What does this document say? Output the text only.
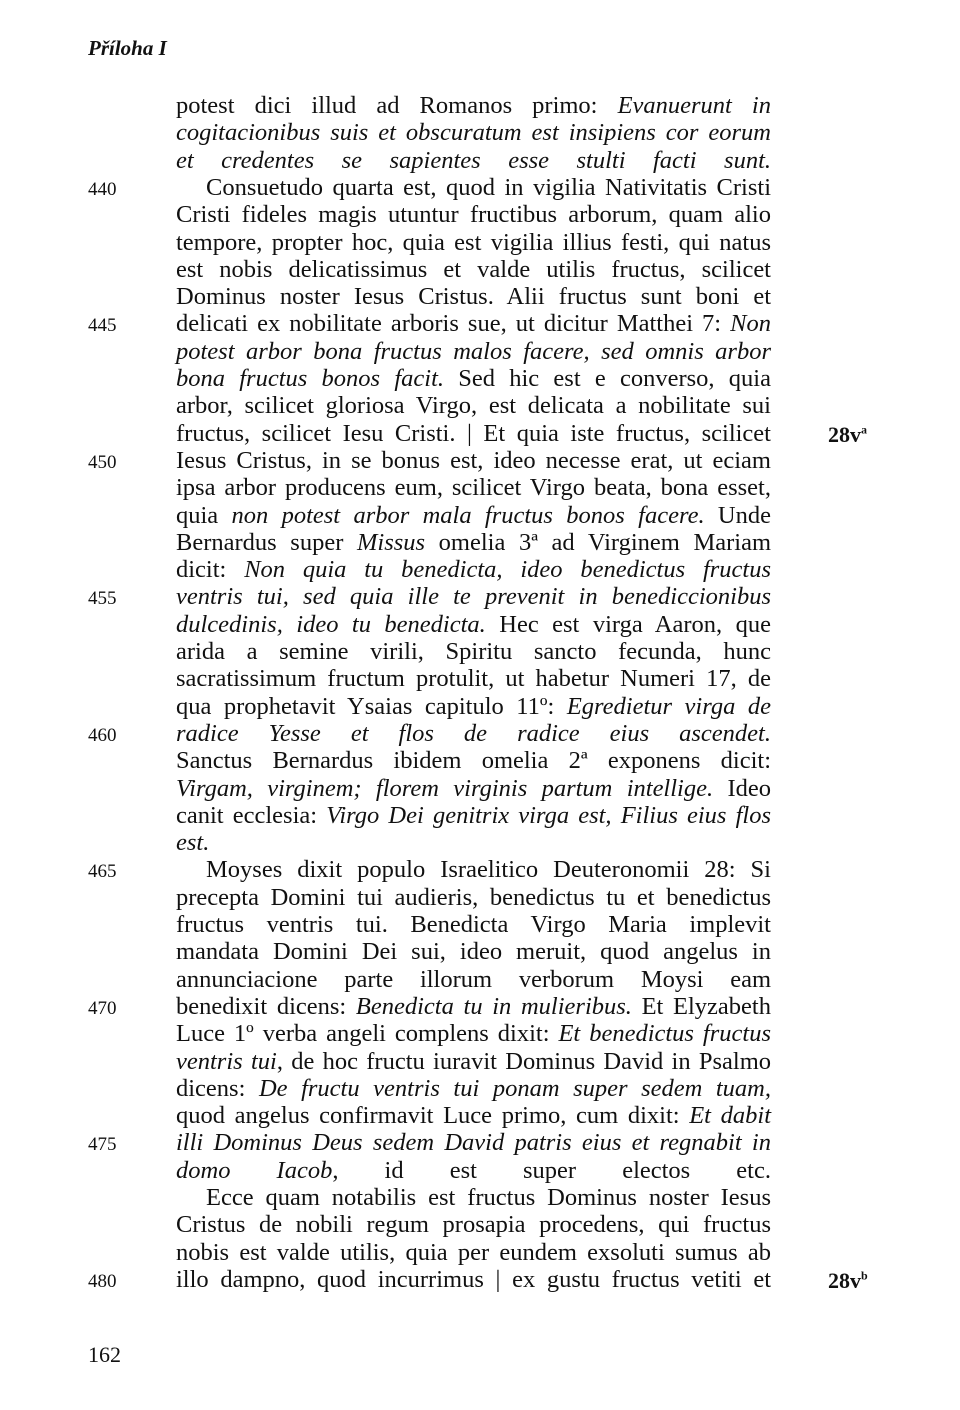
Příloha I
potest dici illud ad Romanos primo: Evanuerunt in
cogitacionibus suis et obscuratum est insipiens cor eorum
et credentes se sapientes esse stulti facti sunt.
Consuetudo quarta est, quod in vigilia Nativitatis Cristi
440
Cristi fideles magis utuntur fructibus arborum, quam alio
tempore, propter hoc, quia est vigilia illius festi, qui natus
est nobis delicatissimus et valde utilis fructus, scilicet
Dominus noster Iesus Cristus. Alii fructus sunt boni et
delicati ex nobilitate arboris sue, ut dicitur Matthei 7: Non
445
potest arbor bona fructus malos facere, sed omnis arbor
bona fructus bonos facit. Sed hic est e converso, quia
arbor, scilicet gloriosa Virgo, est delicata a nobilitate sui
fructus, scilicet Iesu Cristi. | Et quia iste fructus, scilicet	$28v^a$
Iesus Cristus, in se bonus est, ideo necesse erat, ut eciam
450
ipsa arbor producens eum, scilicet Virgo beata, bona esset,
quia non potest arbor mala fructus bonos facere. Unde
Bernardus super Missus omelia 3ª ad Virginem Mariam
dicit: Non quia tu benedicta, ideo benedictus fructus
ventris tui, sed quia ille te prevenit in benediccionibus
455
dulcedinis, ideo tu benedicta. Hec est virga Aaron, que
arida a semine virili, Spiritu sancto fecunda, hunc
sacratissimum fructum protulit, ut habetur Numeri 17, de
qua prophetavit Ysaias capitulo 11º: Egredietur virga de
radice Yesse et flos de radice eius ascendet.
460
Sanctus Bernardus ibidem omelia 2ª exponens dicit:
Virgam, virginem; florem virginis partum intellige. Ideo
canit ecclesia: Virgo Dei genitrix virga est, Filius eius flos
est.
Moyses dixit populo Israelitico Deuteronomii 28: Si
465
precepta Domini tui audieris, benedictus tu et benedictus
fructus ventris tui. Benedicta Virgo Maria implevit
mandata Domini Dei sui, ideo meruit, quod angelus in
annunciacione parte illorum verborum Moysi eam
benedixit dicens: Benedicta tu in mulieribus. Et Elyzabeth
470
Luce 1º verba angeli complens dixit: Et benedictus fructus
ventris tui, de hoc fructu iuravit Dominus David in Psalmo
dicens: De fructu ventris tui ponam super sedem tuam,
quod angelus confirmavit Luce primo, cum dixit: Et dabit
illi Dominus Deus sedem David patris eius et regnabit in
475
domo Iacob, id est super electos etc.
Ecce quam notabilis est fructus Dominus noster Iesus
Cristus de nobili regum prosapia procedens, qui fructus
nobis est valde utilis, quia per eundem exsoluti sumus ab
illo dampno, quod incurrimus | ex gustu fructus vetiti et
480	$28v^b$
162
